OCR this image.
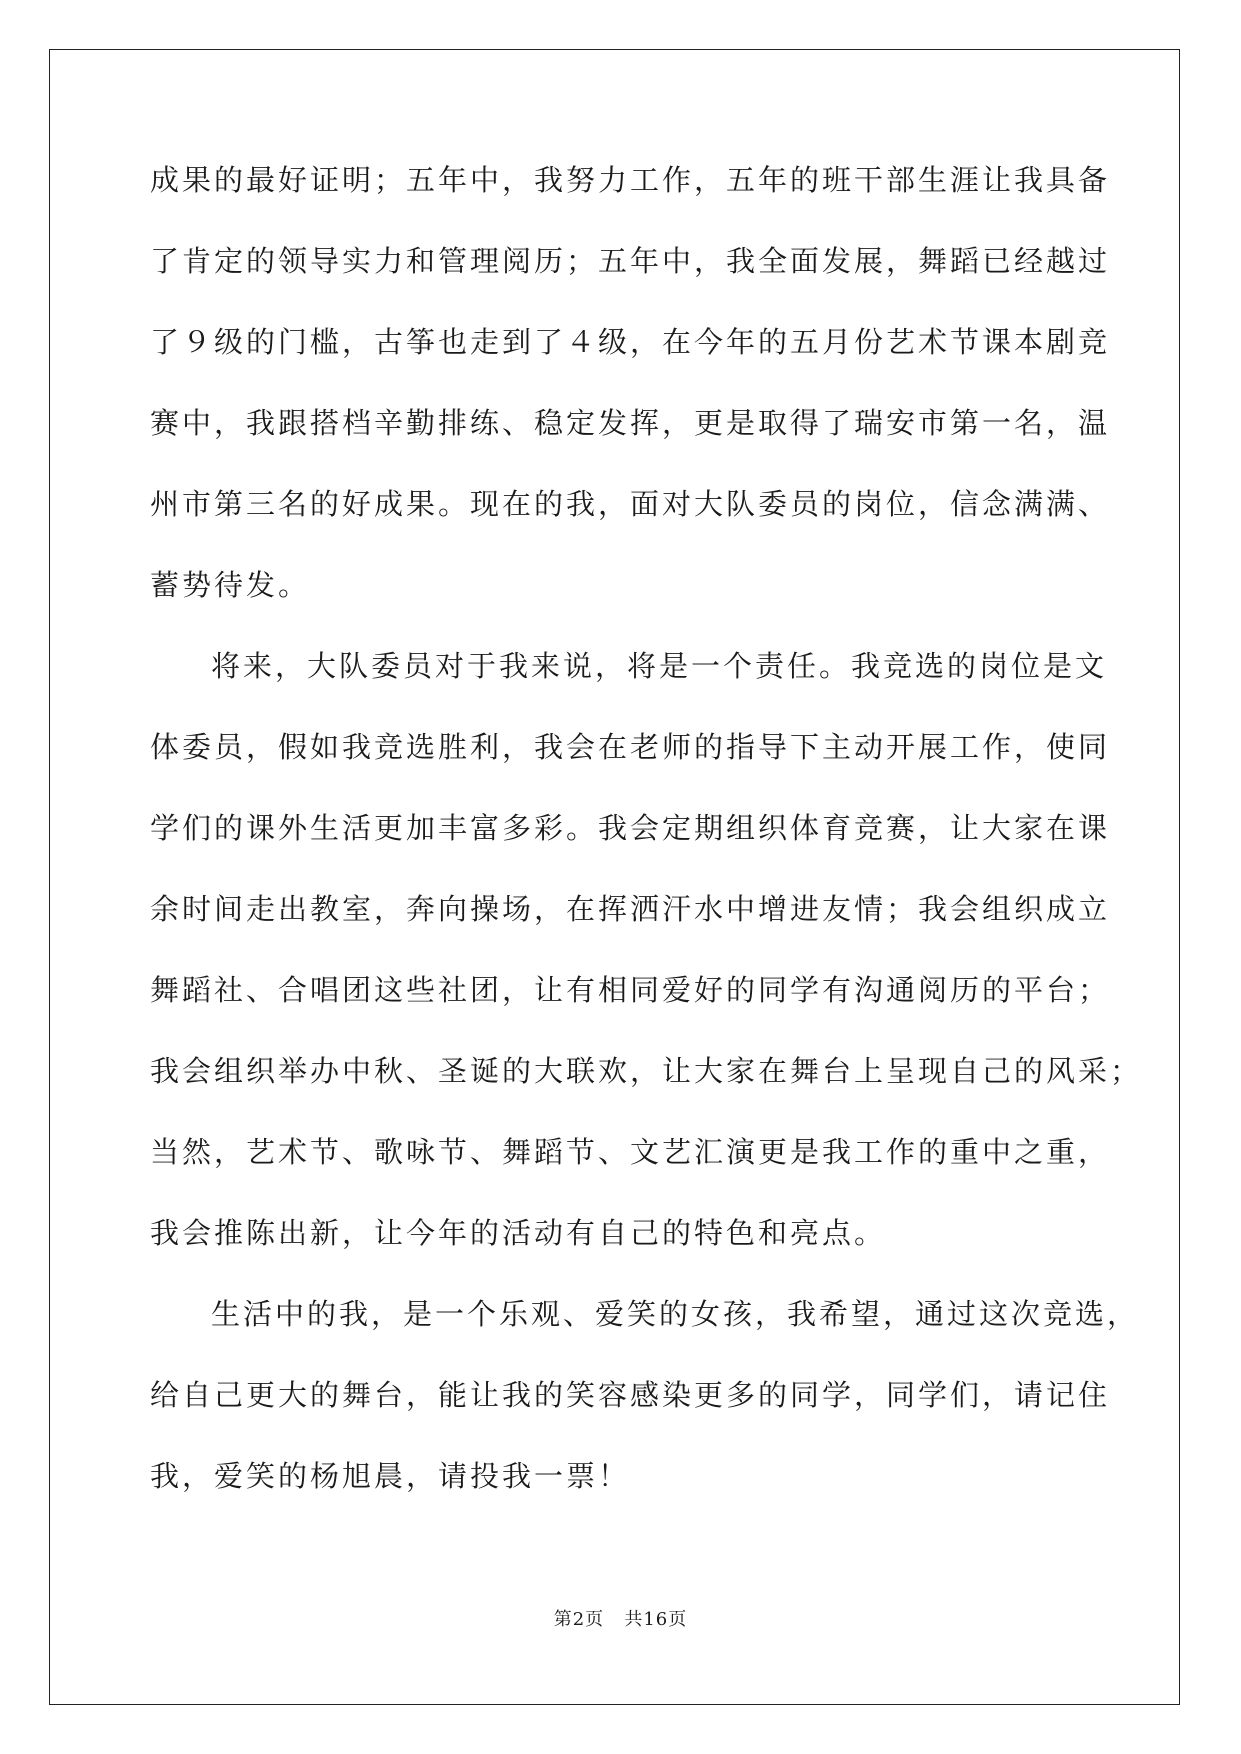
成果的最好证明；五年中，我努力工作，五年的班干部生涯让我具备
了肯定的领导实力和管理阅历；五年中，我全面发展，舞蹈已经越过
了９级的门槛，古筝也走到了４级，在今年的五月份艺术节课本剧竞
赛中，我跟搭档辛勤排练、稳定发挥，更是取得了瑞安市第一名，温
州市第三名的好成果。现在的我，面对大队委员的岗位，信念满满、
蓄势待发。
将来，大队委员对于我来说，将是一个责任。我竞选的岗位是文
体委员，假如我竞选胜利，我会在老师的指导下主动开展工作，使同
学们的课外生活更加丰富多彩。我会定期组织体育竞赛，让大家在课
余时间走出教室，奔向操场，在挥洒汗水中增进友情；我会组织成立
舞蹈社、合唱团这些社团，让有相同爱好的同学有沟通阅历的平台；
我会组织举办中秋、圣诞的大联欢，让大家在舞台上呈现自己的风采；
当然，艺术节、歌咏节、舞蹈节、文艺汇演更是我工作的重中之重，
我会推陈出新，让今年的活动有自己的特色和亮点。
生活中的我，是一个乐观、爱笑的女孩，我希望，通过这次竞选，
给自己更大的舞台，能让我的笑容感染更多的同学，同学们，请记住
我，爱笑的杨旭晨，请投我一票！
第2页 共16页
